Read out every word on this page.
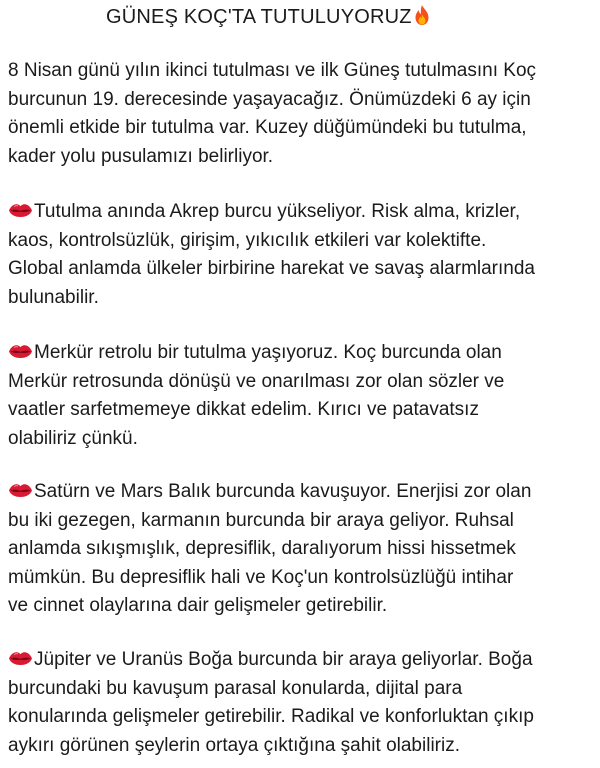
GÜNEŞ KOÇ'TA TUTULUYORUZ
8 Nisan günü yılın ikinci tutulması ve ilk Güneş tutulmasını Koç
burcunun 19. derecesinde yaşayacağız. Önümüzdeki 6 ay için
önemli etkide bir tutulma var. Kuzey düğümündeki bu tutulma,
kader yolu pusulamızı belirliyor.
Tutulma anında Akrep burcu yükseliyor. Risk alma, krizler,
kaos, kontrolsüzlük, girişim, yıkıcılık etkileri var kolektifte.
Global anlamda ülkeler birbirine harekat ve savaş alarmlarında
bulunabilir.
Merkür retrolu bir tutulma yaşıyoruz. Koç burcunda olan
Merkür retrosunda dönüşü ve onarılması zor olan sözler ve
vaatler sarfetmemeye dikkat edelim. Kırıcı ve patavatsız
olabiliriz çünkü.
Satürn ve Mars Balık burcunda kavuşuyor. Enerjisi zor olan
bu iki gezegen, karmanın burcunda bir araya geliyor. Ruhsal
anlamda sıkışmışlık, depresiflik, daralıyorum hissi hissetmek
mümkün. Bu depresiflik hali ve Koç'un kontrolsüzlüğü intihar
ve cinnet olaylarına dair gelişmeler getirebilir.
Jüpiter ve Uranüs Boğa burcunda bir araya geliyorlar. Boğa
burcundaki bu kavuşum parasal konularda, dijital para
konularında gelişmeler getirebilir. Radikal ve konforluktan çıkıp
aykırı görünen şeylerin ortaya çıktığına şahit olabiliriz.
